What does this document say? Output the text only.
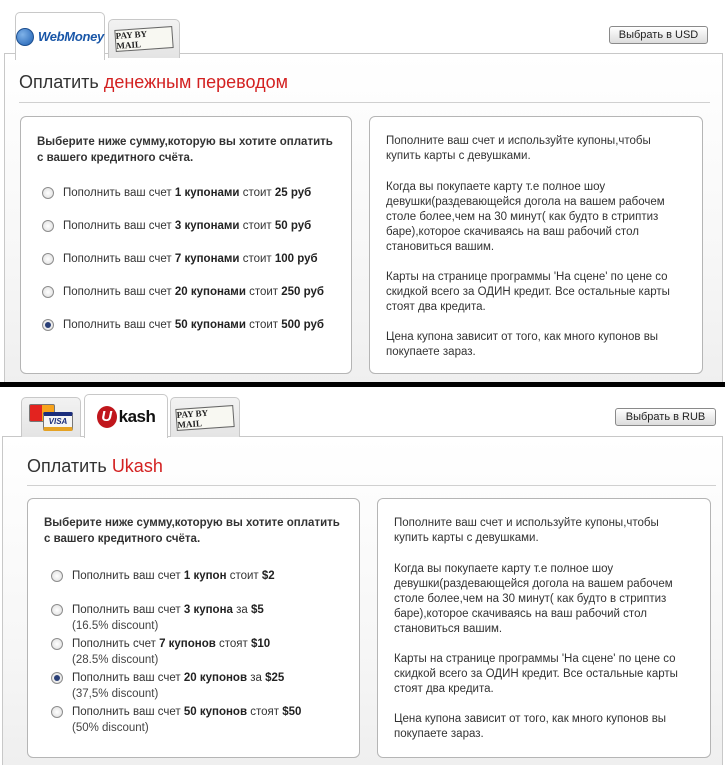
WebMoney PAY BY MAIL
Выбрать в USD
Оплатить денежным переводом
Выберите ниже сумму,которую вы хотите оплатить с вашего кредитного счёта.
Пополнить ваш счет 1 купонами стоит 25 руб
Пополнить ваш счет 3 купонами стоит 50 руб
Пополнить ваш счет 7 купонами стоит 100 руб
Пополнить ваш счет 20 купонами стоит 250 руб
Пополнить ваш счет 50 купонами стоит 500 руб
Пополните ваш счет и используйте купоны,чтобы купить карты с девушками.
Когда вы покупаете карту т.е полное шоу девушки(раздевающейся догола на вашем рабочем столе более,чем на 30 минут( как будто в стриптиз баре),которое скачиваясь на ваш рабочий стол становиться вашим.
Карты на странице программы 'На сцене' по цене со скидкой всего за ОДИН кредит. Все остальные карты стоят два кредита.
Цена купона зависит от того, как много купонов вы покупаете заpаз.
VISA	U kash PAY BY MAIL
Выбрать в RUB
Оплатить Ukash
Выберите ниже сумму,которую вы хотите оплатить с вашего кредитного счёта.
Пополнить ваш счет 1 купон стоит $2
Пополнить ваш счет 3 купона за $5
(16.5% discount)
Пополнить счет 7 купонов стоят $10
(28.5% discount)
Пополнить ваш счет 20 купонов за $25
(37,5% discount)
Пополнить ваш счет 50 купонов стоят $50
(50% discount)
Пополните ваш счет и используйте купоны,чтобы купить карты с девушками.
Когда вы покупаете карту т.е полное шоу девушки(раздевающейся догола на вашем рабочем столе более,чем на 30 минут( как будто в стриптиз баре),которое скачиваясь на ваш рабочий стол становиться вашим.
Карты на странице программы 'На сцене' по цене со скидкой всего за ОДИН кредит. Все остальные карты стоят два кредита.
Цена купона зависит от того, как много купонов вы покупаете заpаз.
